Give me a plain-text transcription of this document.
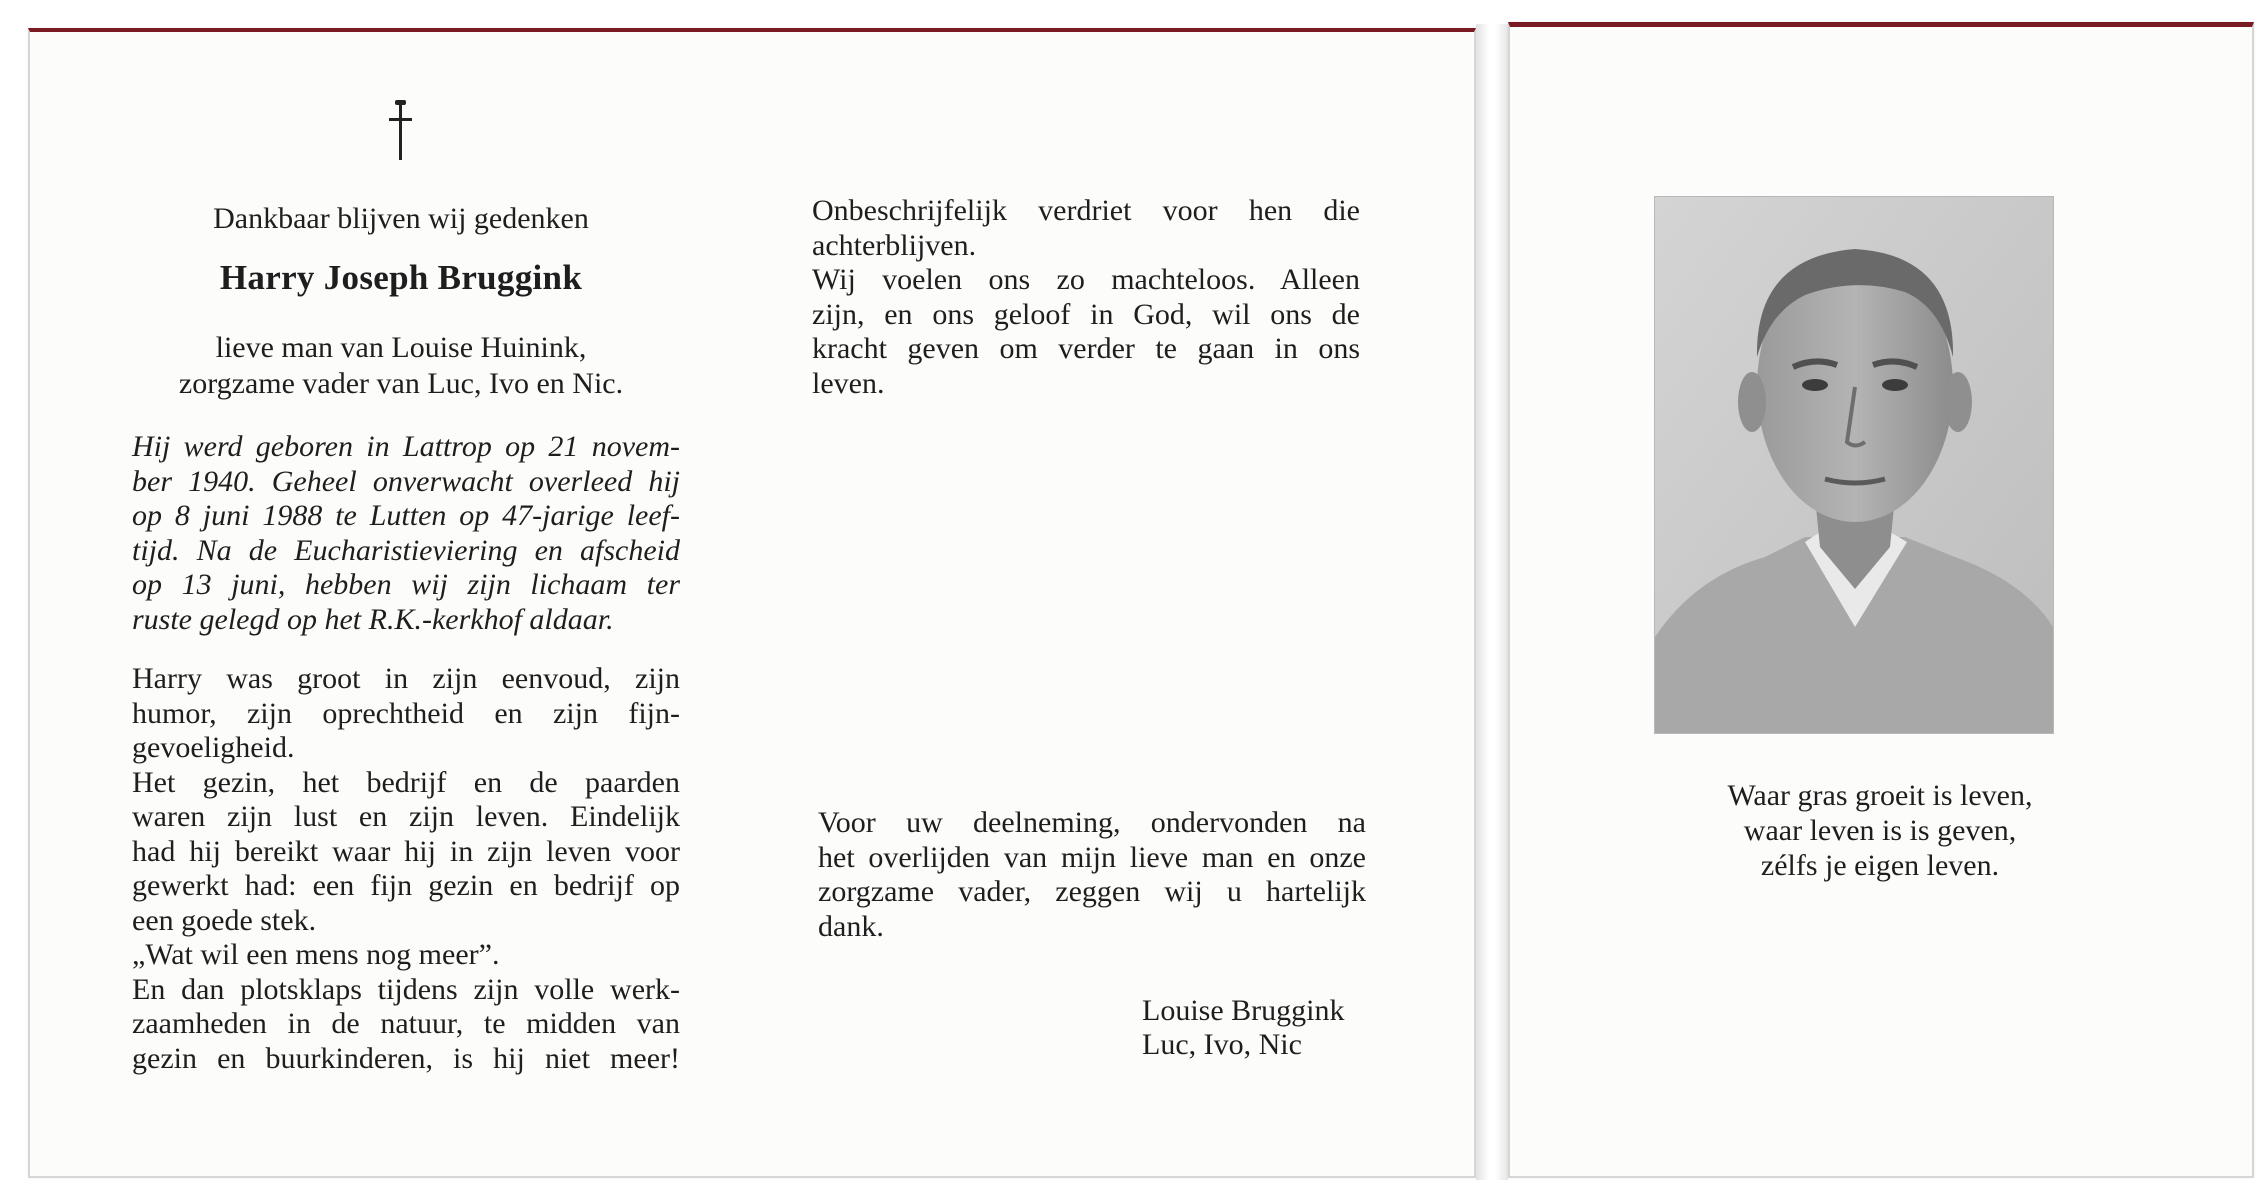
Dankbaar blijven wij gedenken
Harry Joseph Bruggink
lieve man van Louise Huinink,
zorgzame vader van Luc, Ivo en Nic.
Hij werd geboren in Lattrop op 21 novem-
ber 1940. Geheel onverwacht overleed hij
op 8 juni 1988 te Lutten op 47-jarige leef-
tijd. Na de Eucharistieviering en afscheid
op 13 juni, hebben wij zijn lichaam ter
ruste gelegd op het R.K.-kerkhof aldaar.
Harry was groot in zijn eenvoud, zijn
humor, zijn oprechtheid en zijn fijn-
gevoeligheid.
Het gezin, het bedrijf en de paarden
waren zijn lust en zijn leven. Eindelijk
had hij bereikt waar hij in zijn leven voor
gewerkt had: een fijn gezin en bedrijf op
een goede stek.
„Wat wil een mens nog meer”.
En dan plotsklaps tijdens zijn volle werk-
zaamheden in de natuur, te midden van
gezin en buurkinderen, is hij niet meer!
Onbeschrijfelijk verdriet voor hen die
achterblijven.
Wij voelen ons zo machteloos. Alleen
zijn, en ons geloof in God, wil ons de
kracht geven om verder te gaan in ons
leven.
Voor uw deelneming, ondervonden na
het overlijden van mijn lieve man en onze
zorgzame vader, zeggen wij u hartelijk
dank.
Louise Bruggink
Luc, Ivo, Nic
Waar gras groeit is leven,
waar leven is is geven,
zélfs je eigen leven.
